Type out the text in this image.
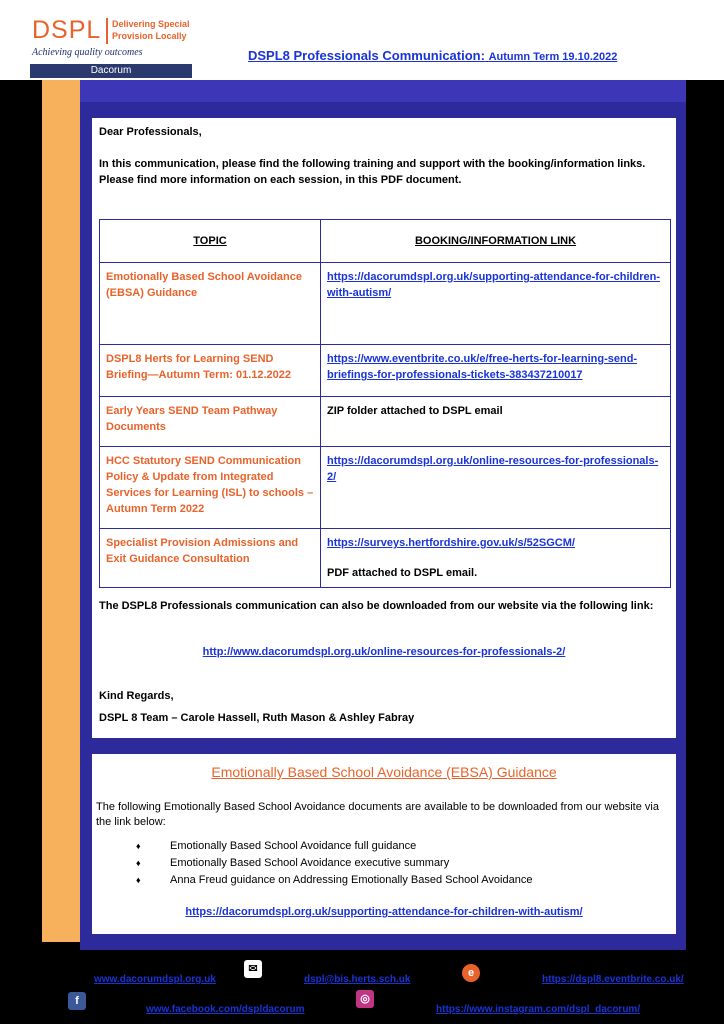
DSPL Delivering Special
Provision Locally
Achieving quality outcomes
Dacorum
DSPL8 Professionals Communication: Autumn Term 19.10.2022
Dear Professionals,
In this communication, please find the following training and support with the booking/information links. Please find more information on each session, in this PDF document.
TOPIC	BOOKING/INFORMATION LINK
Emotionally Based School Avoidance (EBSA) Guidance	https://dacorumdspl.org.uk/supporting-attendance-for-children-with-autism/
DSPL8 Herts for Learning SEND Briefing—Autumn Term: 01.12.2022	https://www.eventbrite.co.uk/e/free-herts-for-learning-send-briefings-for-professionals-tickets-383437210017
Early Years SEND Team Pathway Documents	ZIP folder attached to DSPL email
HCC Statutory SEND Communication Policy & Update from Integrated Services for Learning (ISL) to schools – Autumn Term 2022	https://dacorumdspl.org.uk/online-resources-for-professionals-2/
Specialist Provision Admissions and Exit Guidance Consultation	https://surveys.hertfordshire.gov.uk/s/52SGCM/
PDF attached to DSPL email.
The DSPL8 Professionals communication can also be downloaded from our website via the following link:
http://www.dacorumdspl.org.uk/online-resources-for-professionals-2/
Kind Regards,
DSPL 8 Team – Carole Hassell, Ruth Mason & Ashley Fabray
Emotionally Based School Avoidance (EBSA) Guidance
The following Emotionally Based School Avoidance documents are available to be downloaded from our website via the link below:
♦	Emotionally Based School Avoidance full guidance
♦	Emotionally Based School Avoidance executive summary
♦	Anna Freud guidance on Addressing Emotionally Based School Avoidance
https://dacorumdspl.org.uk/supporting-attendance-for-children-with-autism/
www.dacorumdspl.org.uk
✉
dspl@bis.herts.sch.uk
e
https://dspl8.eventbrite.co.uk/
f
www.facebook.com/dspldacorum
◎
https://www.instagram.com/dspl_dacorum/
